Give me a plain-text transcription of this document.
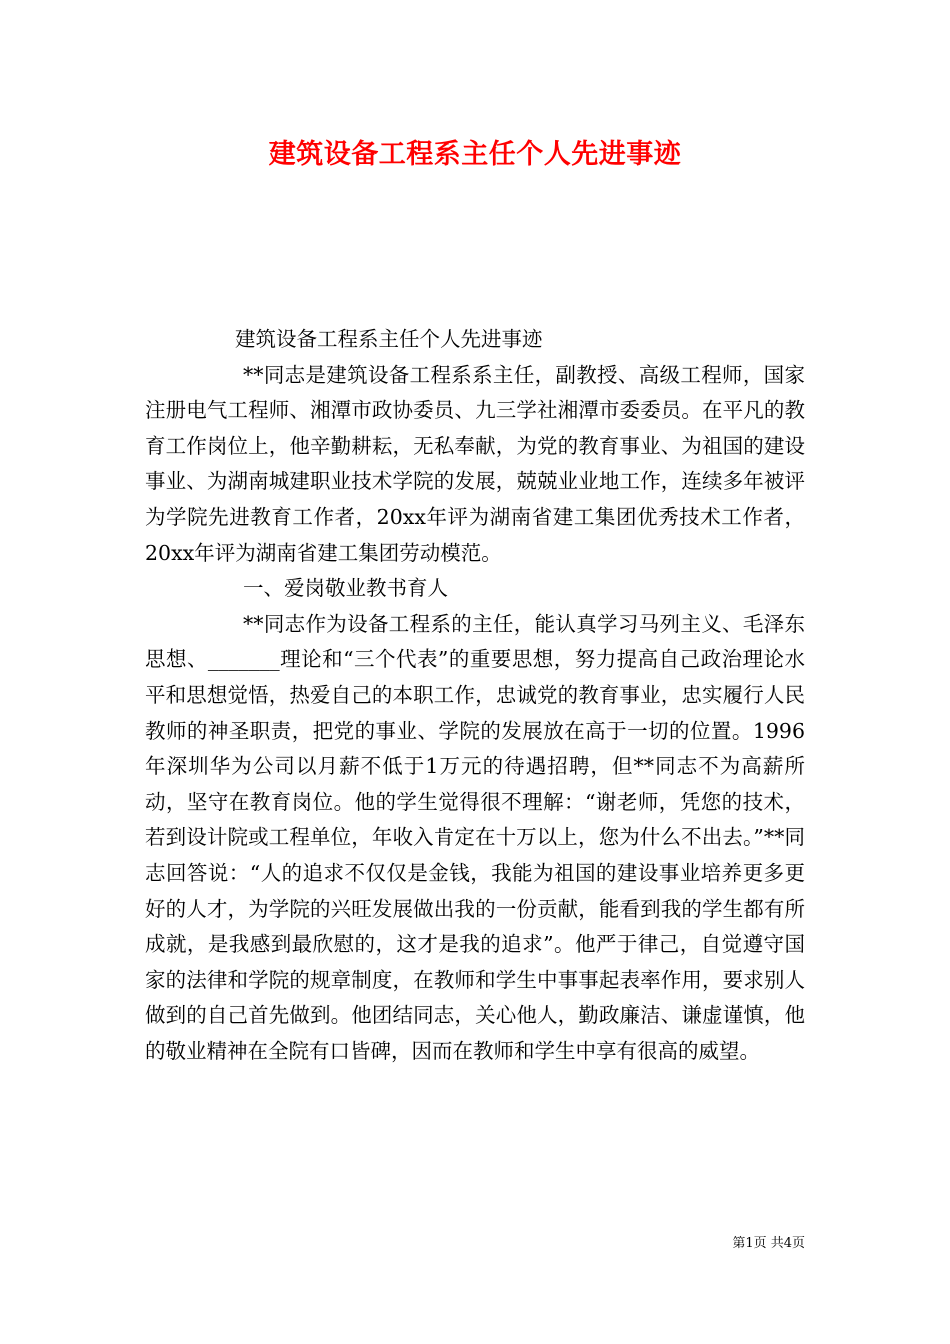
建筑设备工程系主任个人先进事迹

建筑设备工程系主任个人先进事迹

**同志是建筑设备工程系系主任，副教授、高级工程师，国家注册电气工程师、湘潭市政协委员、九三学社湘潭市委委员。在平凡的教育工作岗位上，他辛勤耕耘，无私奉献，为党的教育事业、为祖国的建设事业、为湖南城建职业技术学院的发展，兢兢业业地工作，连续多年被评为学院先进教育工作者，20xx年评为湖南省建工集团优秀技术工作者，20xx年评为湖南省建工集团劳动模范。

一、爱岗敬业教书育人

**同志作为设备工程系的主任，能认真学习马列主义、毛泽东思想、_______理论和“三个代表”的重要思想，努力提高自己政治理论水平和思想觉悟，热爱自己的本职工作，忠诚党的教育事业，忠实履行人民教师的神圣职责，把党的事业、学院的发展放在高于一切的位置。1996年深圳华为公司以月薪不低于1万元的待遇招聘，但**同志不为高薪所动，坚守在教育岗位。他的学生觉得很不理解：“谢老师，凭您的技术，若到设计院或工程单位，年收入肯定在十万以上，您为什么不出去。”**同志回答说：“人的追求不仅仅是金钱，我能为祖国的建设事业培养更多更好的人才，为学院的兴旺发展做出我的一份贡献，能看到我的学生都有所成就，是我感到最欣慰的，这才是我的追求”。他严于律己，自觉遵守国家的法律和学院的规章制度，在教师和学生中事事起表率作用，要求别人做到的自己首先做到。他团结同志，关心他人，勤政廉洁、谦虚谨慎，他的敬业精神在全院有口皆碑，因而在教师和学生中享有很高的威望。

第1页 共4页
